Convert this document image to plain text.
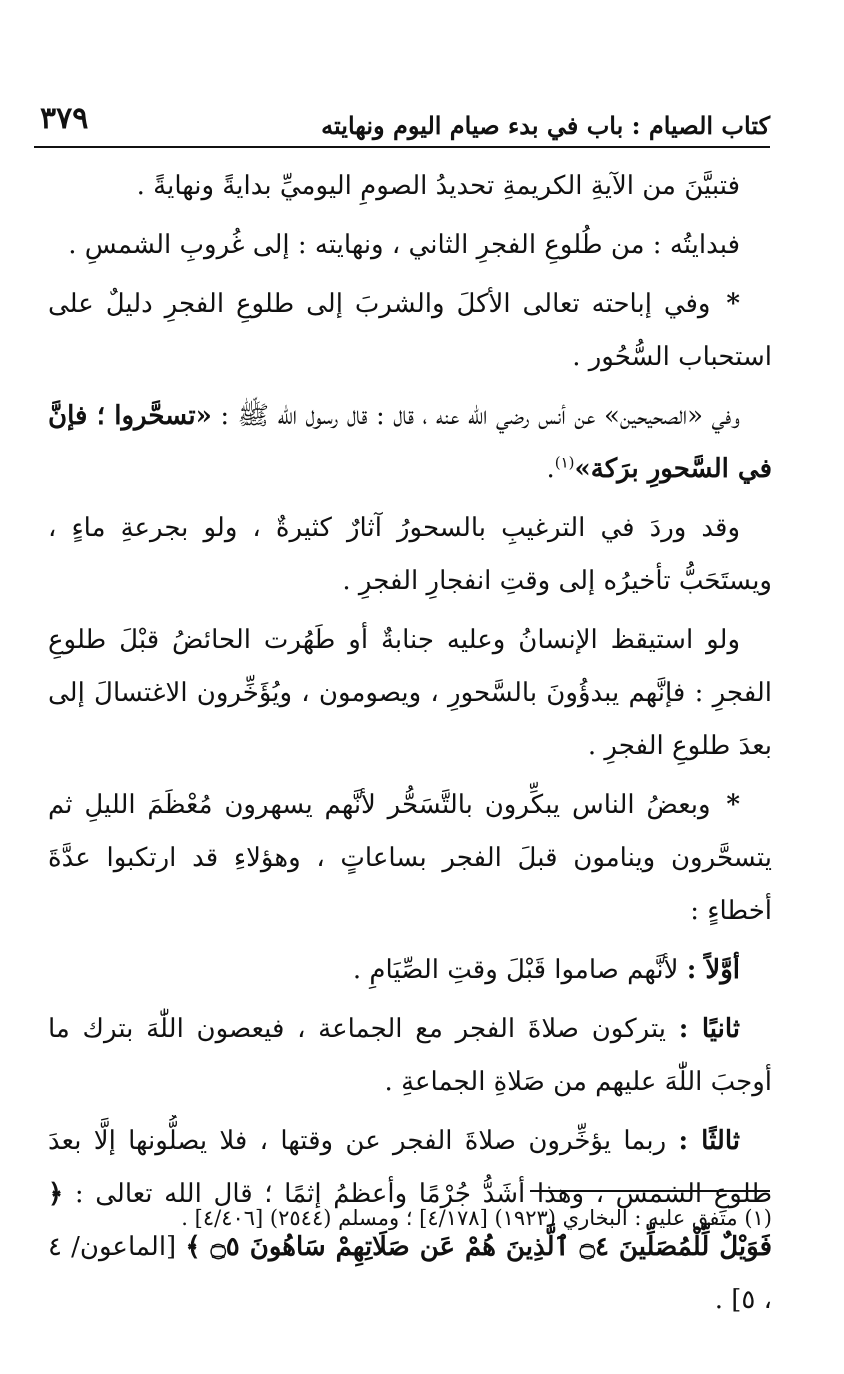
كتاب الصيام : باب في بدء صيام اليوم ونهايته
٣٧٩

فتبيَّنَ من الآيةِ الكريمةِ تحديدُ الصومِ اليوميِّ بدايةً ونهايةً .

فبدايتُه : من طُلوعِ الفجرِ الثاني ، ونهايته : إلى غُروبِ الشمسِ .

* وفي إباحته تعالى الأكلَ والشربَ إلى طلوعِ الفجرِ دليلٌ على استحباب السُّحُور .

وفي «الصحيحين» عن أنس رضي الله عنه ، قال : قال رسول اللّٰه ﷺ : «تسحَّروا ؛ فإنَّ في السَّحورِ برَكة»$^{(١)}$.

وقد وردَ في الترغيبِ بالسحورُ آثارٌ كثيرةٌ ، ولو بجرعةِ ماءٍ ، ويستَحَبُّ تأخيرُه إلى وقتِ انفجارِ الفجرِ .

ولو استيقظ الإنسانُ وعليه جنابةٌ أو طَهُرت الحائضُ قبْلَ طلوعِ الفجرِ : فإنَّهم يبدؤُونَ بالسَّحورِ ، ويصومون ، ويُؤَخِّرون الاغتسالَ إلى بعدَ طلوعِ الفجرِ .

* وبعضُ الناس يبكِّرون بالتَّسَحُّر لأنَّهم يسهرون مُعْظَمَ الليلِ ثم يتسحَّرون وينامون قبلَ الفجر بساعاتٍ ، وهؤلاءِ قد ارتكبوا عدَّةَ أخطاءٍ :

أوَّلاً : لأنَّهم صاموا قَبْلَ وقتِ الصِّيَامِ .

ثانيًا : يتركون صلاةَ الفجر مع الجماعة ، فيعصون اللّٰهَ بترك ما أوجبَ اللّٰهَ عليهم من صَلاةِ الجماعةِ .

ثالثًا : ربما يؤخِّرون صلاةَ الفجر عن وقتها ، فلا يصلُّونها إلَّا بعدَ طلوعِ الشمس ، وهذا أشَدُّ جُرْمًا وأعظمُ إثمًا ؛ قال الله تعالى : ﴿ فَوَيْلٌ لِّلْمُصَلِّينَ ۝٤ ٱلَّذِينَ هُمْ عَن صَلَاتِهِمْ سَاهُونَ ۝٥ ﴾ [الماعون/ ٤ ، ٥] .

(١) متفق عليه : البخاري (١٩٢٣) [٤/١٧٨] ؛ ومسلم (٢٥٤٤) [٤/٤٠٦] .
